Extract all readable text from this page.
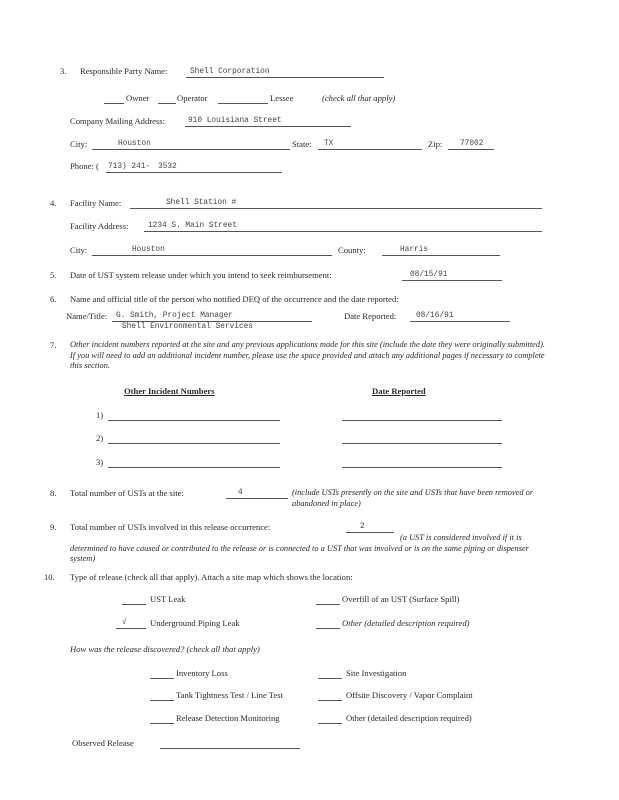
3. Responsible Party Name:	Shell Corporation
Owner	Operator	Lessee	(check all that apply)
Company Mailing Address:	910 Louisiana Street
City:	Houston	State: TX	Zip: 77002
Phone: ( 713) 241- 3532
4. Facility Name:	Shell Station #
Facility Address:	1234 S. Main Street
City:	Houston	County:	Harris
5. Date of UST system release under which you intend to seek reimbursement:	08/15/91
6. Name and official title of the person who notified DEQ of the occurrence and the date reported:
Name/Title: G. Smith, Project Manager
Shell Environmental Services
Date Reported:	08/16/91
7. Other incident numbers reported at the site and any previous applications made for this site (include the date they were originally submitted). If you will need to add an additional incident number, please use the space provided and attach any additional pages if necessary to complete this section.
Other Incident Numbers	Date Reported
1)
2)
3)
8. Total number of USTs at the site:	4	(include USTs presently on the site and USTs that have been removed or abandoned in place)
9. Total number of USTs involved in this release occurrence:	2
(a UST is considered involved if it is determined to have caused or contributed to the release or is connected to a UST that was involved or is on the same piping or dispenser system)
10. Type of release (check all that apply). Attach a site map which shows the location:
UST Leak	Overfill of an UST (Surface Spill)
√	Underground Piping Leak	Other (detailed description required)
How was the release discovered? (check all that apply)
Inventory Loss	Site Investigation
Tank Tightness Test / Line Test	Offsite Discovery / Vapor Complaint
Release Detection Monitoring	Other (detailed description required)
Observed Release
